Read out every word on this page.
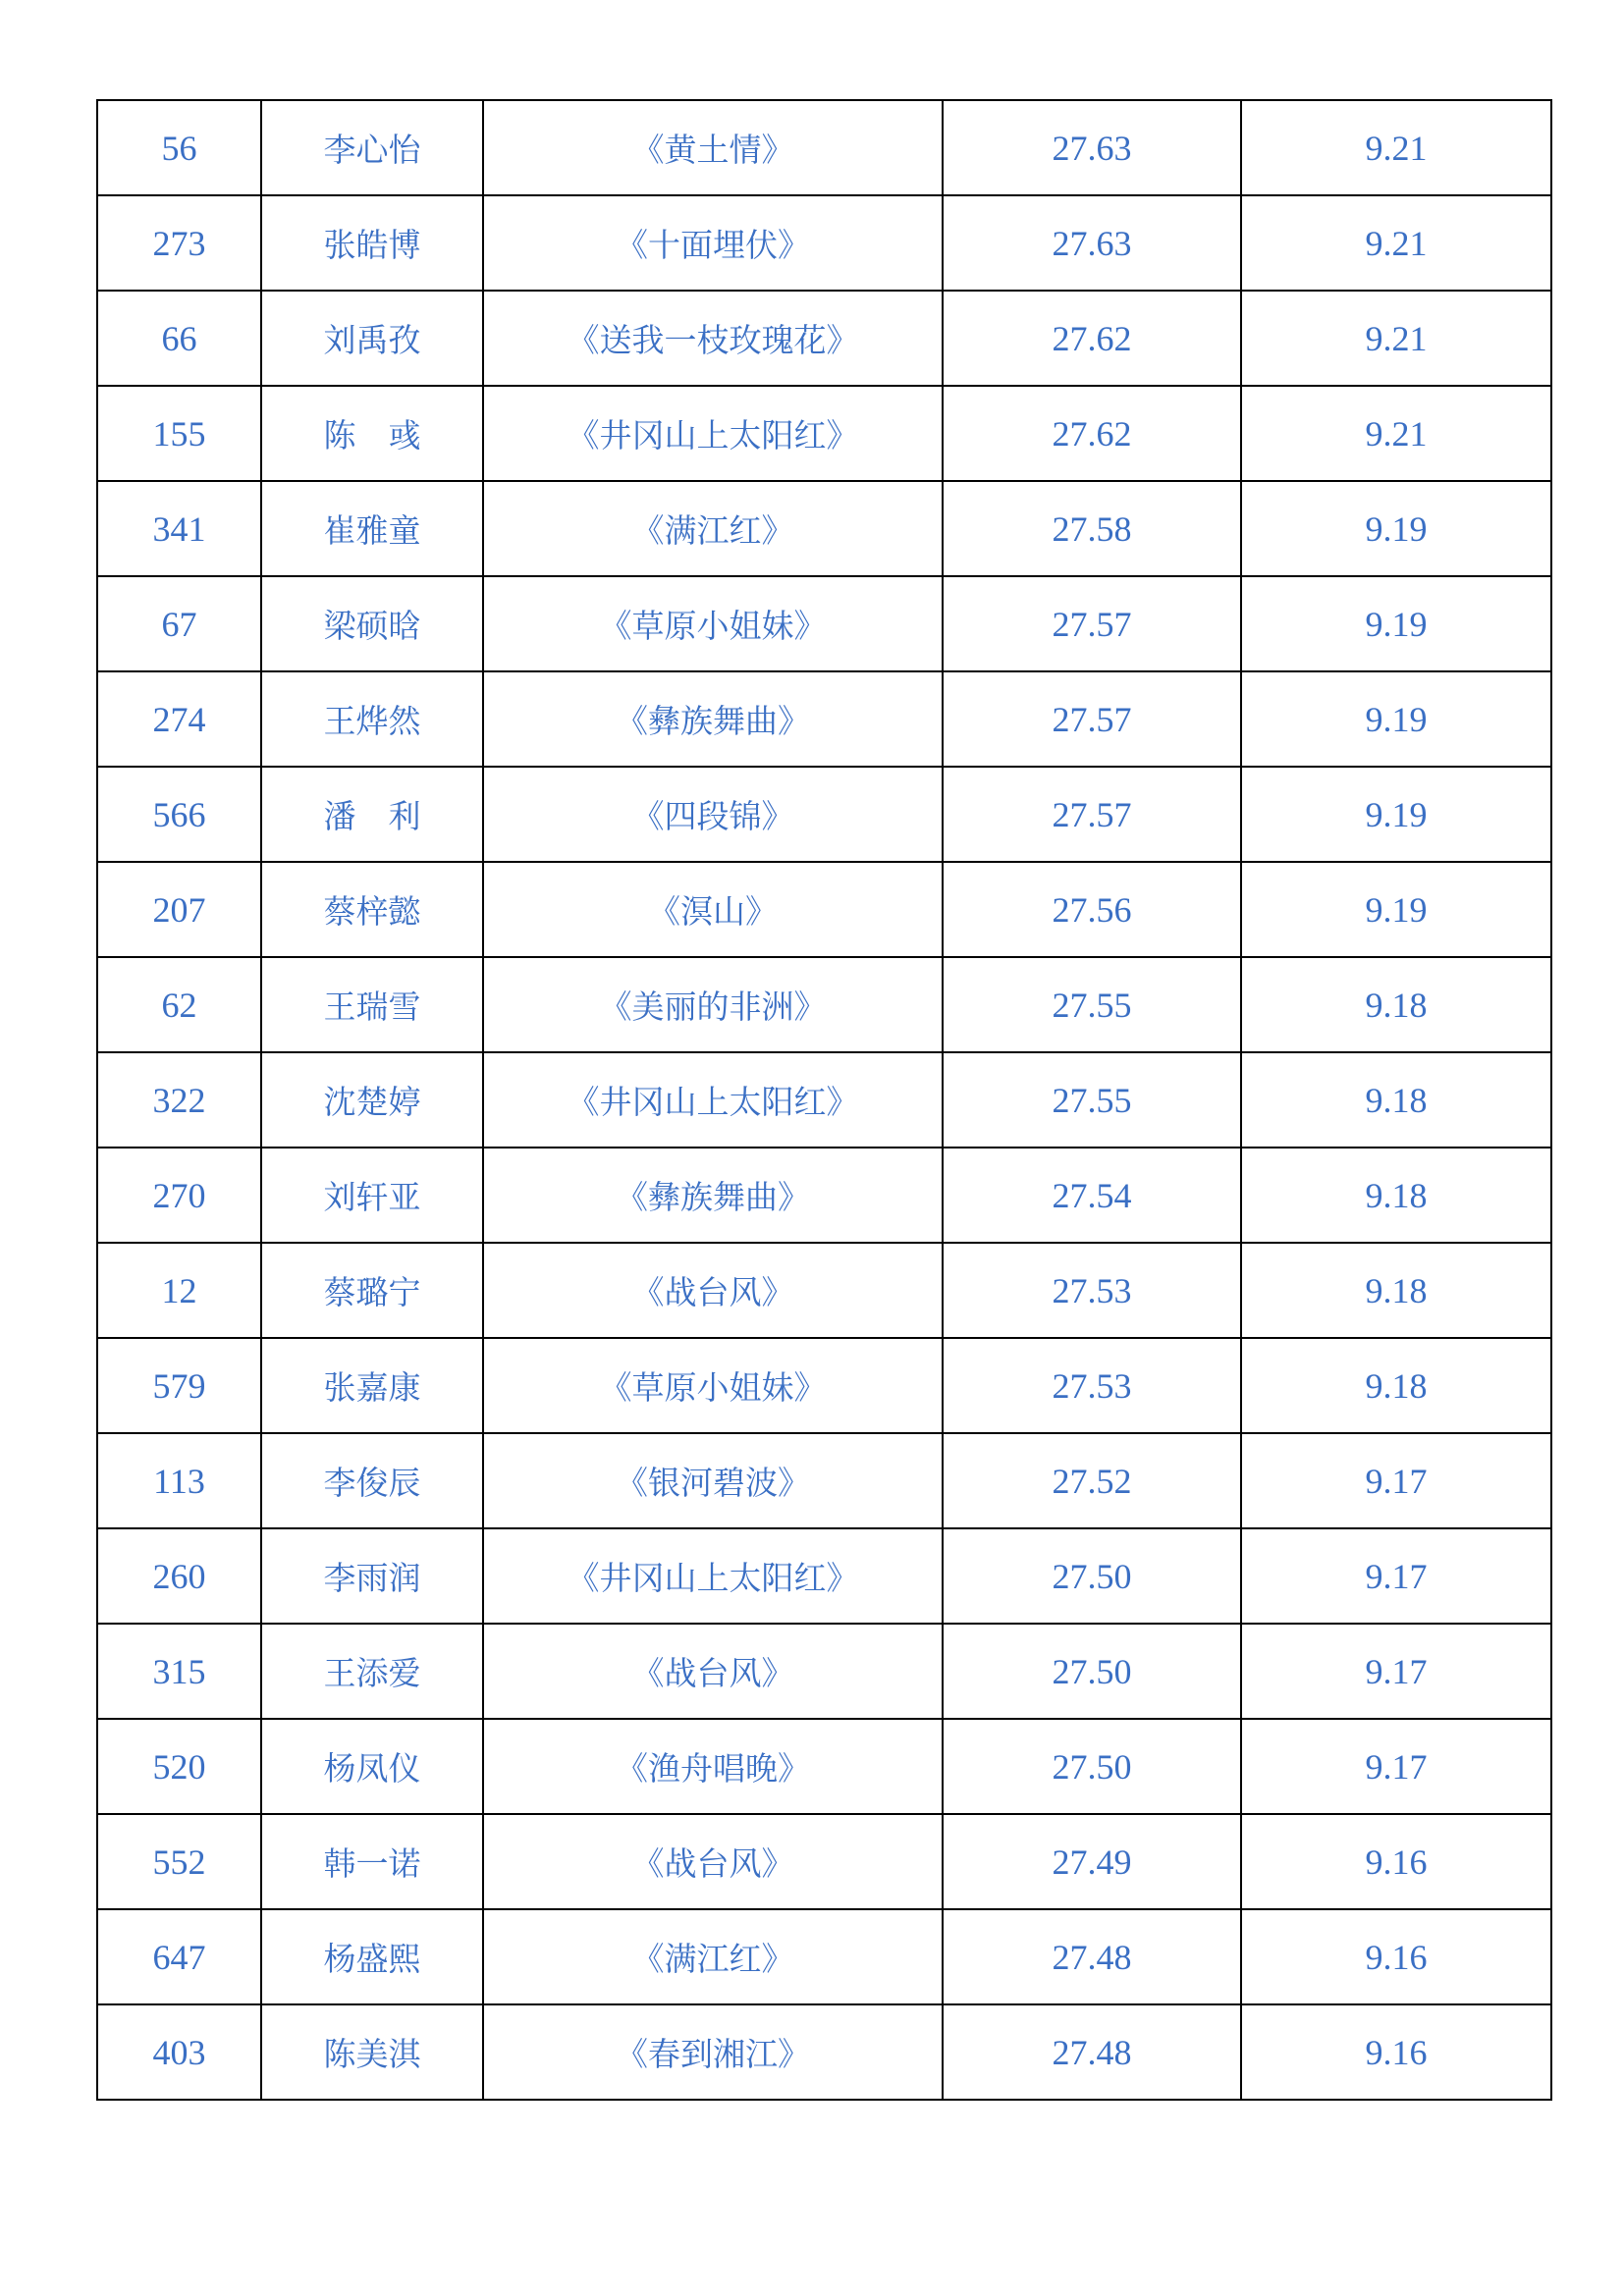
56	李心怡	《黄土情》	27.63	9.21
273	张皓博	《十面埋伏》	27.63	9.21
66	刘禹孜	《送我一枝玫瑰花》	27.62	9.21
155	陈　彧	《井冈山上太阳红》	27.62	9.21
341	崔雅童	《满江红》	27.58	9.19
67	梁硕晗	《草原小姐妹》	27.57	9.19
274	王烨然	《彝族舞曲》	27.57	9.19
566	潘　利	《四段锦》	27.57	9.19
207	蔡梓懿	《溟山》	27.56	9.19
62	王瑞雪	《美丽的非洲》	27.55	9.18
322	沈楚婷	《井冈山上太阳红》	27.55	9.18
270	刘轩亚	《彝族舞曲》	27.54	9.18
12	蔡璐宁	《战台风》	27.53	9.18
579	张嘉康	《草原小姐妹》	27.53	9.18
113	李俊辰	《银河碧波》	27.52	9.17
260	李雨润	《井冈山上太阳红》	27.50	9.17
315	王添爱	《战台风》	27.50	9.17
520	杨凤仪	《渔舟唱晚》	27.50	9.17
552	韩一诺	《战台风》	27.49	9.16
647	杨盛熙	《满江红》	27.48	9.16
403	陈美淇	《春到湘江》	27.48	9.16
